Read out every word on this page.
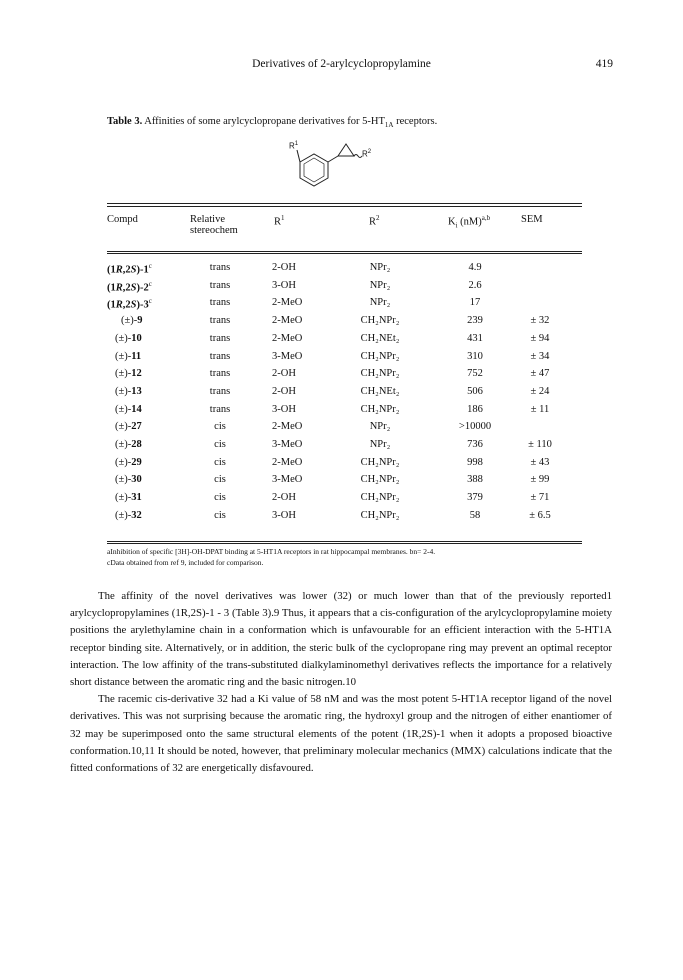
Derivatives of 2-arylcyclopropylamine	419
Table 3. Affinities of some arylcyclopropane derivatives for $5-HT_{1A}$ receptors.
$R^1$
$R^2$
Compd	Relative
stereochem
$R^1$	$R^2$	$K_i$ (nM)$^{a,b}$	SEM
(1R,2S)-1$^c$	trans	2-OH	NPr₂	4.9
(1R,2S)-2$^c$	trans	3-OH	NPr₂	2.6
(1R,2S)-3$^c$	trans	2-MeO	NPr₂	17
(±)-9	trans	2-MeO	CH₂NPr₂	239	± 32
(±)-10	trans	2-MeO	CH₂NEt₂	431	± 94
(±)-11	trans	3-MeO	CH₂NPr₂	310	± 34
(±)-12	trans	2-OH	CH₂NPr₂	752	± 47
(±)-13	trans	2-OH	CH₂NEt₂	506	± 24
(±)-14	trans	3-OH	CH₂NPr₂	186	± 11
(±)-27	cis	2-MeO	NPr₂	>10000
(±)-28	cis	3-MeO	NPr₂	736	± 110
(±)-29	cis	2-MeO	CH₂NPr₂	998	± 43
(±)-30	cis	3-MeO	CH₂NPr₂	388	± 99
(±)-31	cis	2-OH	CH₂NPr₂	379	± 71
(±)-32	cis	3-OH	CH₂NPr₂	58	± 6.5
aInhibition of specific [3H]-OH-DPAT binding at 5-HT1A receptors in rat hippocampal membranes. bn= 2-4.
cData obtained from ref 9, included for comparison.

The affinity of the novel derivatives was lower (32) or much lower than that of the previously reported1 arylcyclopropylamines (1R,2S)-1 - 3 (Table 3).9 Thus, it appears that a cis-configuration of the arylcyclopropylamine moiety positions the arylethylamine chain in a conformation which is unfavourable for an efficient interaction with the 5-HT1A receptor binding site. Alternatively, or in addition, the steric bulk of the cyclopropane ring may prevent an optimal receptor interaction. The low affinity of the trans-substituted dialkylaminomethyl derivatives reflects the importance for a relatively short distance between the aromatic ring and the basic nitrogen.10

The racemic cis-derivative 32 had a Ki value of 58 nM and was the most potent 5-HT1A receptor ligand of the novel derivatives. This was not surprising because the aromatic ring, the hydroxyl group and the nitrogen of either enantiomer of 32 may be superimposed onto the same structural elements of the potent (1R,2S)-1 when it adopts a proposed bioactive conformation.10,11 It should be noted, however, that preliminary molecular mechanics (MMX) calculations indicate that the fitted conformations of 32 are energetically disfavoured.
